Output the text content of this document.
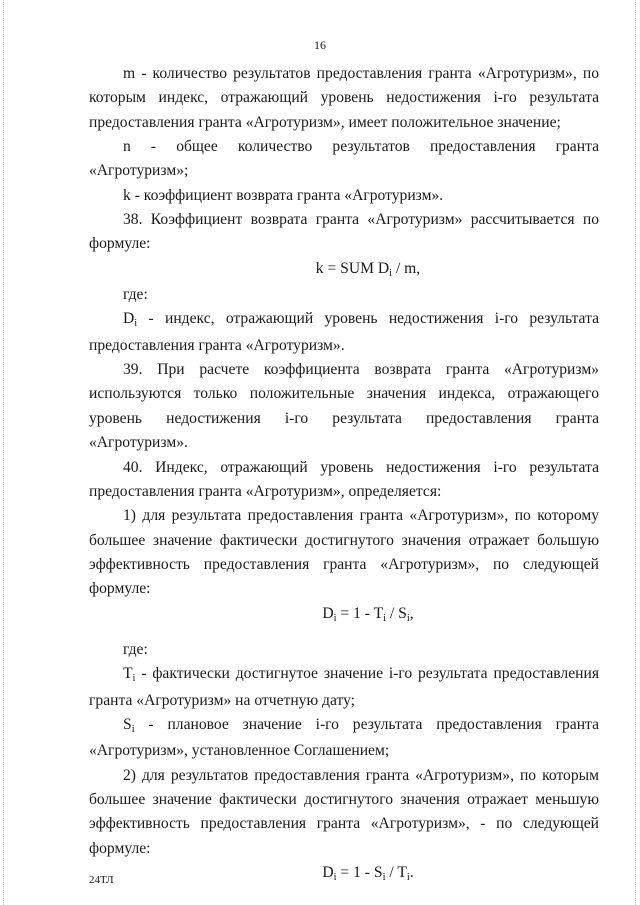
16

m - количество результатов предоставления гранта «Агротуризм», по которым индекс, отражающий уровень недостижения i-го результата предоставления гранта «Агротуризм», имеет положительное значение;

n - общее количество результатов предоставления гранта «Агротуризм»;

k - коэффициент возврата гранта «Агротуризм».

38. Коэффициент возврата гранта «Агротуризм» рассчитывается по формуле:

k = SUM Di / m,

где:

Di - индекс, отражающий уровень недостижения i-го результата предоставления гранта «Агротуризм».

39. При расчете коэффициента возврата гранта «Агротуризм» используются только положительные значения индекса, отражающего уровень недостижения i-го результата предоставления гранта «Агротуризм».

40. Индекс, отражающий уровень недостижения i-го результата предоставления гранта «Агротуризм», определяется:

1) для результата предоставления гранта «Агротуризм», по которому большее значение фактически достигнутого значения отражает большую эффективность предоставления гранта «Агротуризм», по следующей формуле:

Di = 1 - Ti / Si,

где:

Ti - фактически достигнутое значение i-го результата предоставления гранта «Агротуризм» на отчетную дату;

Si - плановое значение i-го результата предоставления гранта «Агротуризм», установленное Соглашением;

2) для результатов предоставления гранта «Агротуризм», по которым большее значение фактически достигнутого значения отражает меньшую эффективность предоставления гранта «Агротуризм», - по следующей формуле:

Di = 1 - Si / Ti.

24ТЛ
